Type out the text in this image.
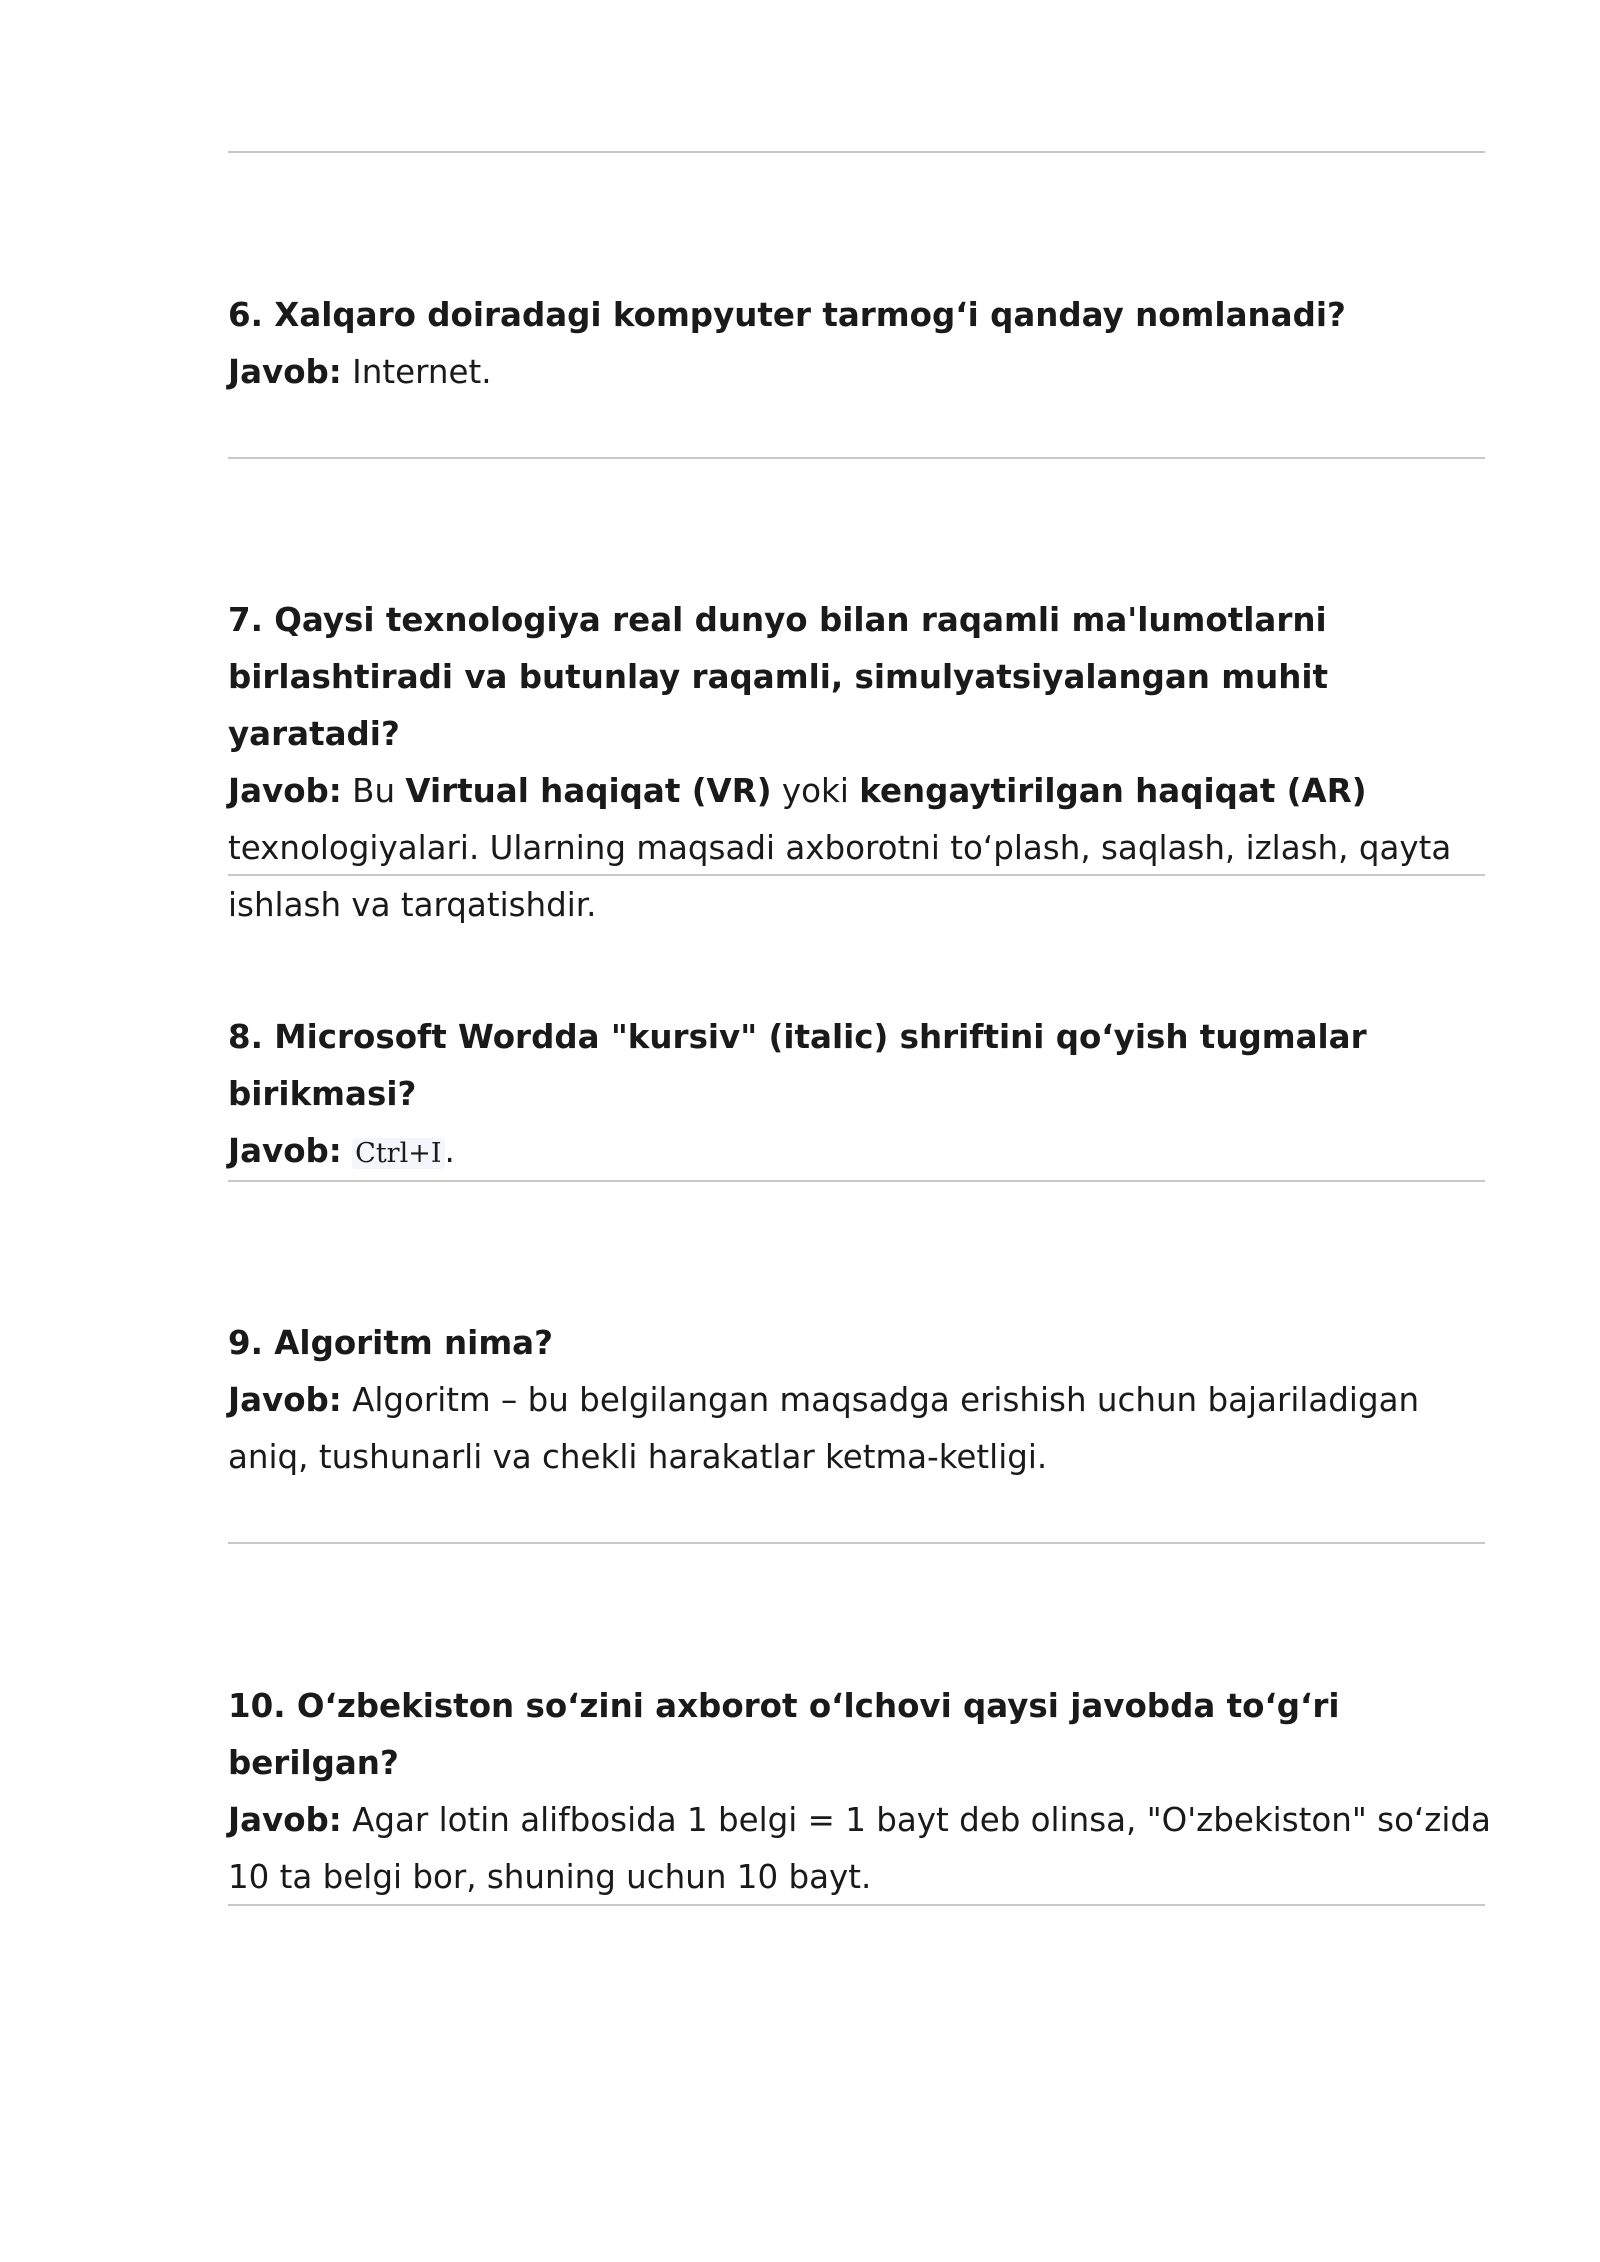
6. Xalqaro doiradagi kompyuter tarmog‘i qanday nomlanadi?

Javob: Internet.

7. Qaysi texnologiya real dunyo bilan raqamli ma'lumotlarni birlashtiradi va butunlay raqamli, simulyatsiyalangan muhit yaratadi?

Javob: Bu Virtual haqiqat (VR) yoki kengaytirilgan haqiqat (AR) texnologiyalari. Ularning maqsadi axborotni to‘plash, saqlash, izlash, qayta ishlash va tarqatishdir.

8. Microsoft Wordda "kursiv" (italic) shriftini qo‘yish tugmalar birikmasi?

Javob: Ctrl+I.

9. Algoritm nima?

Javob: Algoritm – bu belgilangan maqsadga erishish uchun bajariladigan aniq, tushunarli va chekli harakatlar ketma-ketligi.

10. O‘zbekiston so‘zini axborot o‘lchovi qaysi javobda to‘g‘ri berilgan?

Javob: Agar lotin alifbosida 1 belgi = 1 bayt deb olinsa, "O'zbekiston" so‘zida 10 ta belgi bor, shuning uchun 10 bayt.
